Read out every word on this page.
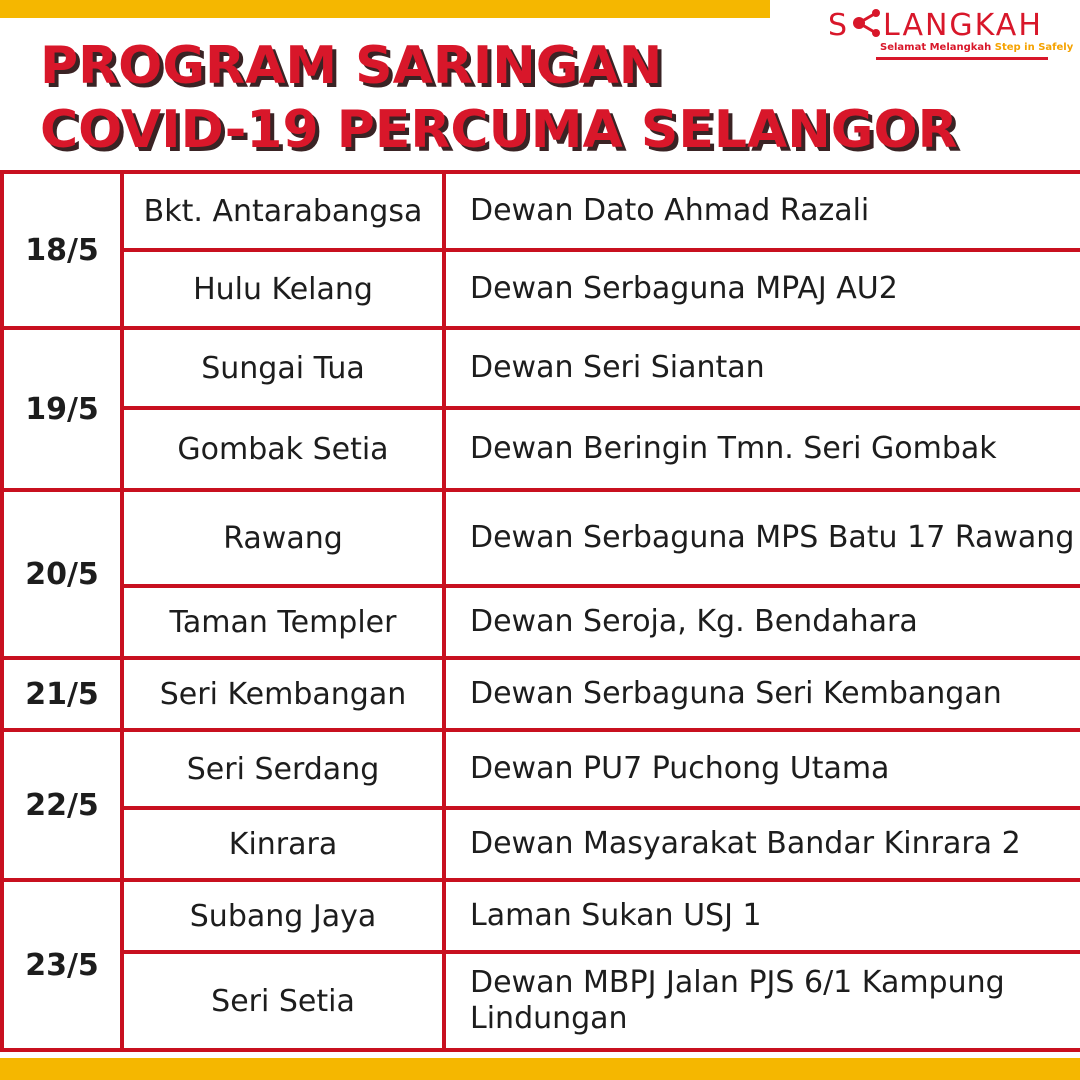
S LANGKAH
Selamat Melangkah Step in Safely
PROGRAM SARINGAN
COVID-19 PERCUMA SELANGOR
18/5	Bkt. Antarabangsa	Dewan Dato Ahmad Razali
	Hulu Kelang	Dewan Serbaguna MPAJ AU2
19/5	Sungai Tua	Dewan Seri Siantan
	Gombak Setia	Dewan Beringin Tmn. Seri Gombak
20/5	Rawang	Dewan Serbaguna MPS Batu 17 Rawang
	Taman Templer	Dewan Seroja, Kg. Bendahara
21/5	Seri Kembangan	Dewan Serbaguna Seri Kembangan
22/5	Seri Serdang	Dewan PU7 Puchong Utama
	Kinrara	Dewan Masyarakat Bandar Kinrara 2
23/5	Subang Jaya	Laman Sukan USJ 1
	Seri Setia	Dewan MBPJ Jalan PJS 6/1 Kampung Lindungan
